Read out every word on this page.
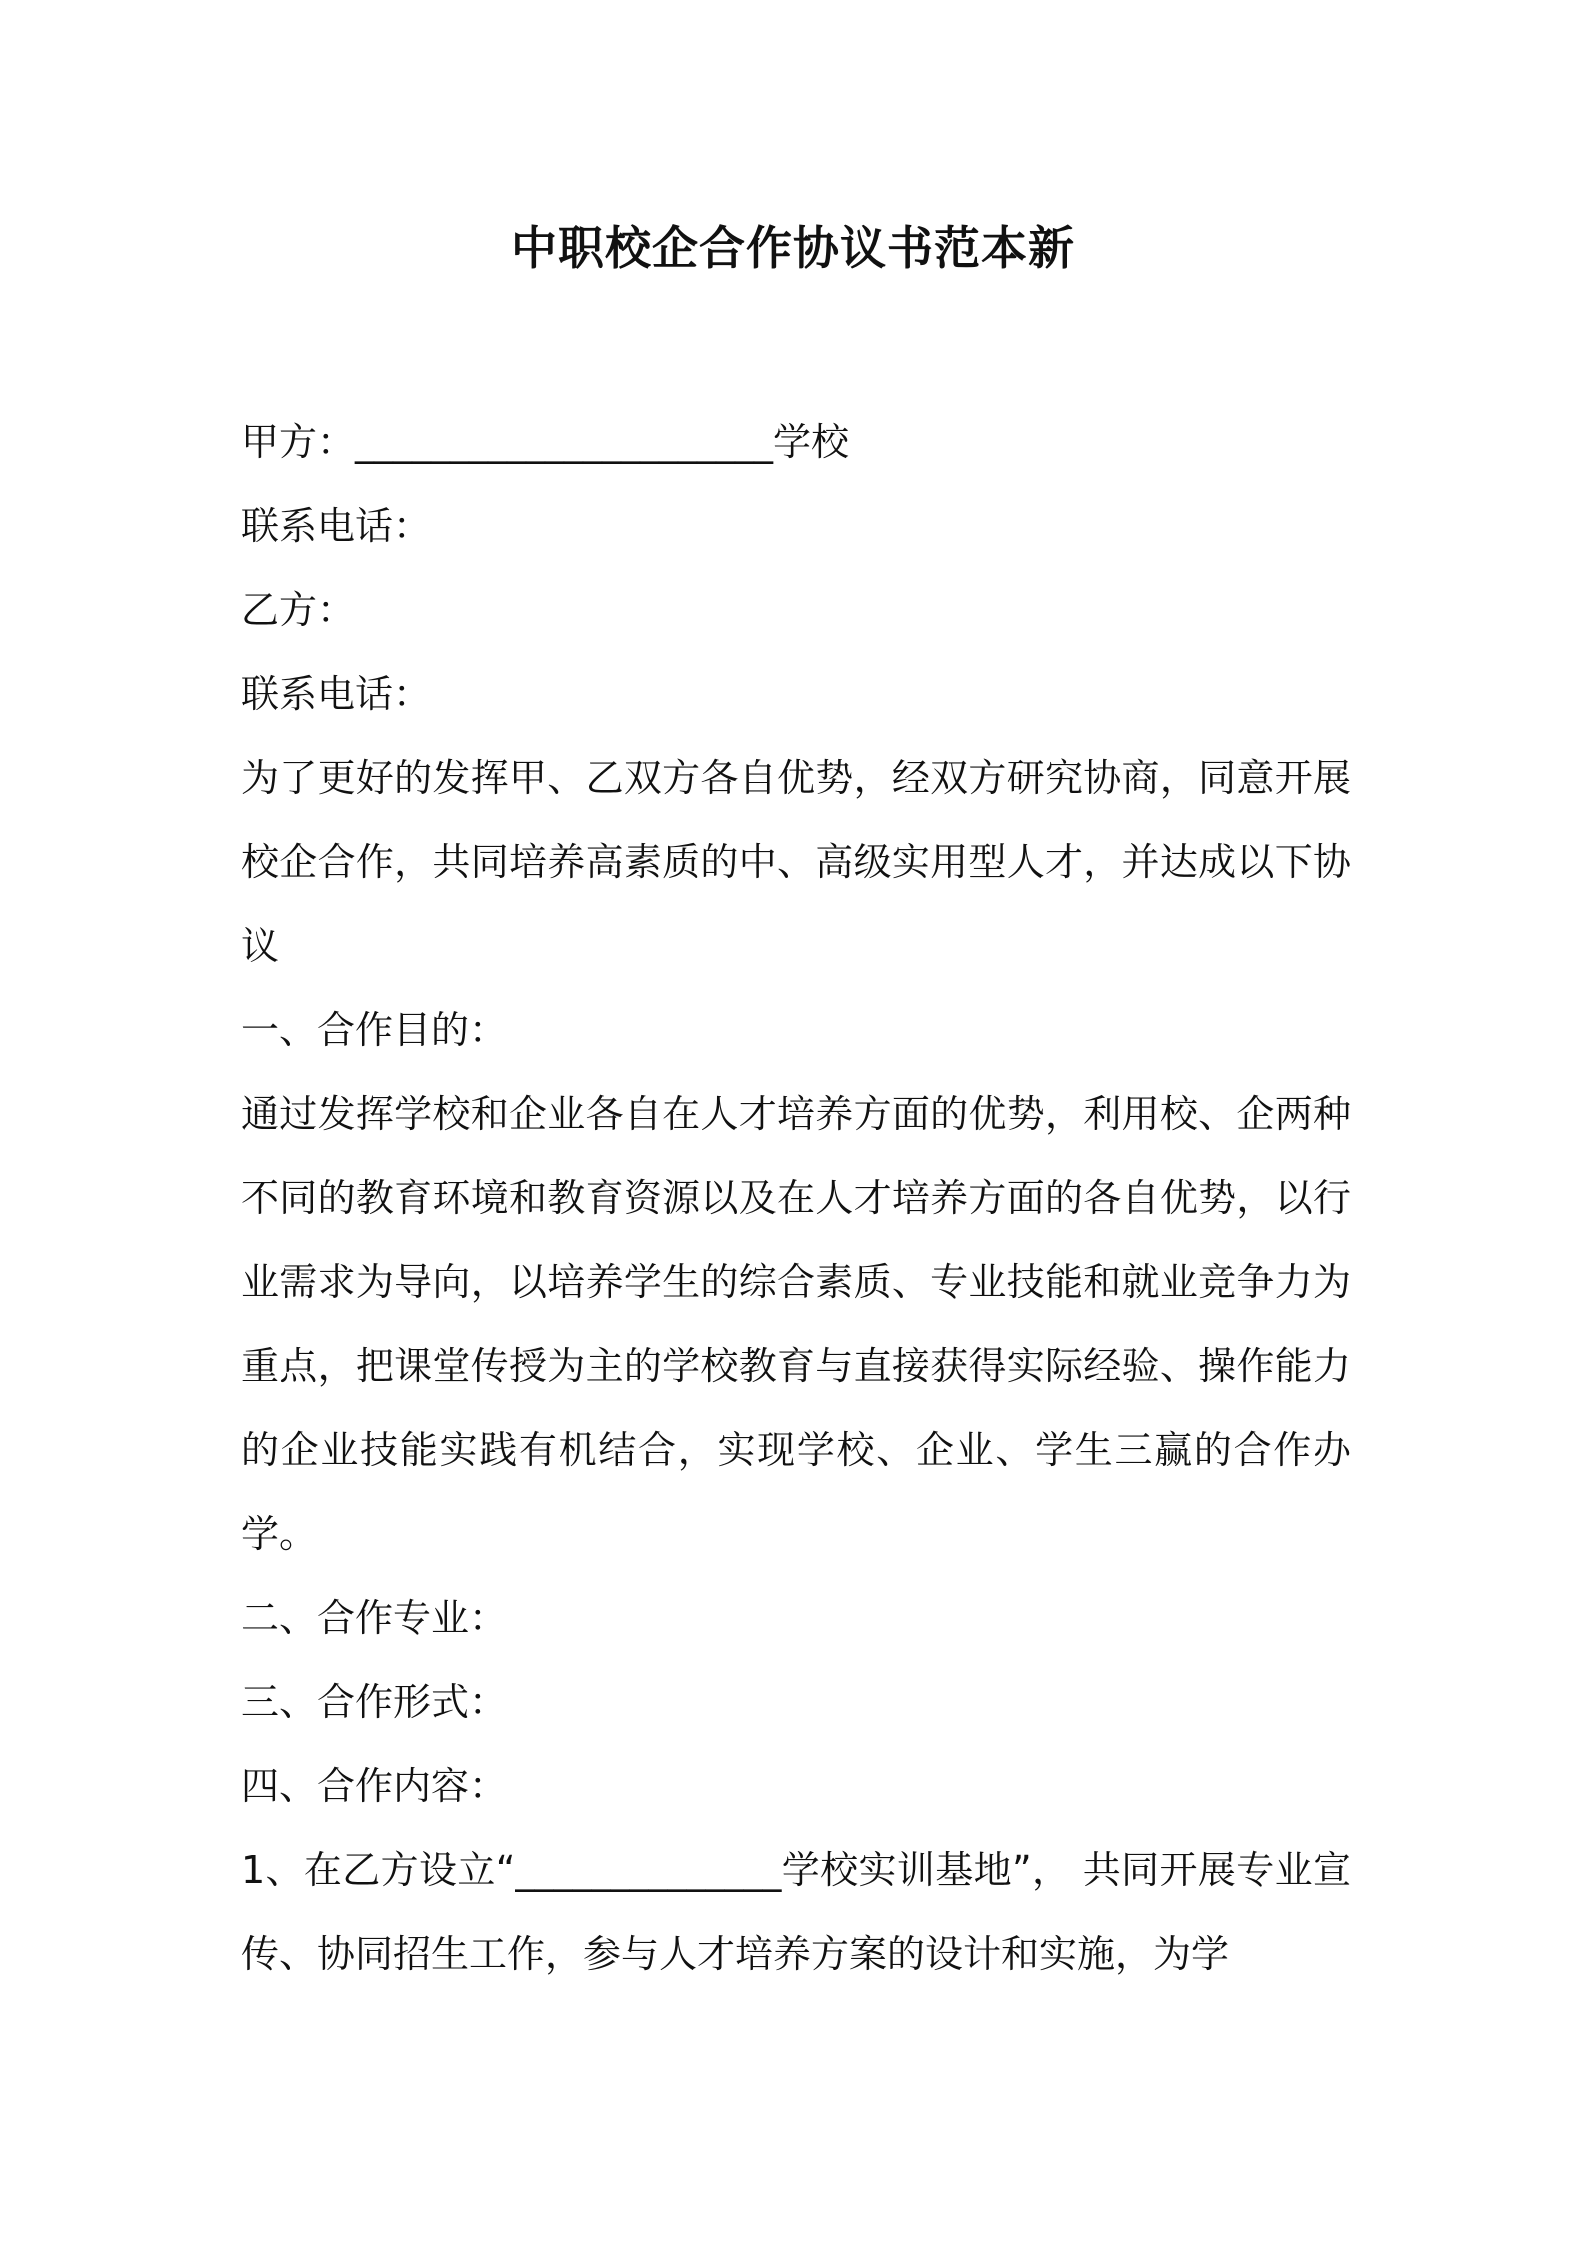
中职校企合作协议书范本新

甲方：______________________学校

联系电话：

乙方：

联系电话：

为了更好的发挥甲、乙双方各自优势，经双方研究协商，同意开展校企合作，共同培养高素质的中、高级实用型人才，并达成以下协议

一、合作目的：

通过发挥学校和企业各自在人才培养方面的优势，利用校、企两种不同的教育环境和教育资源以及在人才培养方面的各自优势，以行业需求为导向，以培养学生的综合素质、专业技能和就业竞争力为重点，把课堂传授为主的学校教育与直接获得实际经验、操作能力的企业技能实践有机结合，实现学校、企业、学生三赢的合作办学。

二、合作专业：

三、合作形式：

四、合作内容：

1、在乙方设立“______________学校实训基地”， 共同开展专业宣传、协同招生工作，参与人才培养方案的设计和实施，为学
